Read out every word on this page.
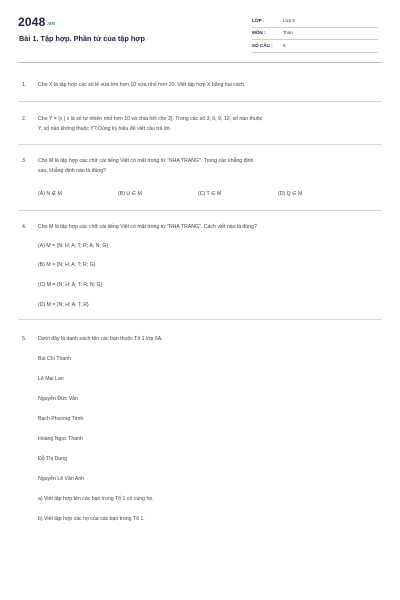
2048.vn
Bài 1. Tập hợp. Phần tử của tập hợp
LỚP :	Lớp 6
MÔN :	Toán
SỐ CÂU : 5
1. Cho X là tập hợp các số lẻ vừa lớn hơn 10 vừa nhỏ hơn 20. Viết tập hợp X bằng hai cách.
2. Cho Y = {x | x là số tự nhiên nhỏ hơn 10 và chia hết cho 3}. Trong các số 3; 6; 9; 12, số nào thuộc
Y, số nào không thuộc Y? Dùng ký hiệu để viết câu trả lời.
3. Cho M là tập hợp các chữ cái tiếng Việt có mặt trong từ "NHA TRANG". Trong các khẳng định
sau, khẳng định nào là đúng?
(A) N ∉ M	(B) U ∈ M	(C) T ∈ M	(D) Q ∈ M
4. Cho M là tập hợp các chữ cái tiếng Việt có mặt trong từ "NHA TRANG". Cách viết nào là đúng?
(A) M = {N; H; A; T; R; A; N; G}
(B) M = {N; H; A; T; R; G}
(C) M = {N; H; A; T; R; N; G}
(D) M = {N; H; A; T; R}
5. Dưới đây là danh sách tên các bạn thuộc Tổ 1 lớp 6A.
Bùi Chí Thanh
Lê Mai Lan
Nguyễn Đức Văn
Bạch Phương Trinh
Hoàng Ngọc Thanh
Đỗ Thị Dung
Nguyễn Lê Vân Anh
a) Viết tập hợp tên các bạn trong Tổ 1 có cùng họ.
b) Viết tập hợp các họ của các bạn trong Tổ 1.
